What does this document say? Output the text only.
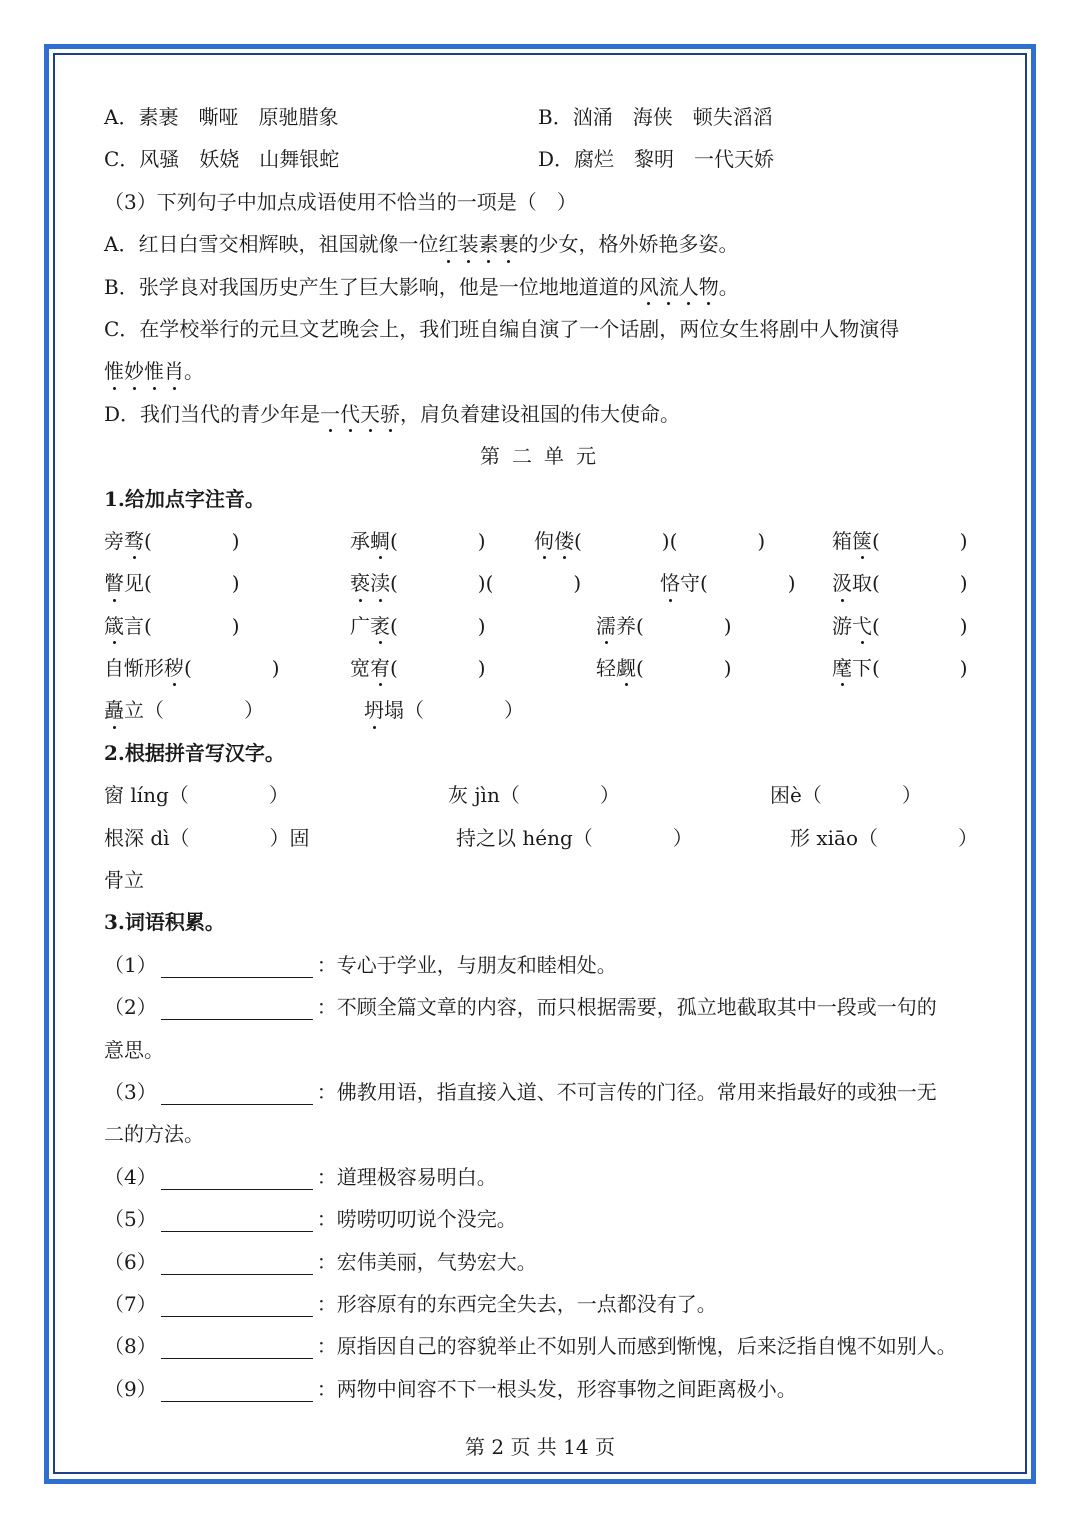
A．素裹　嘶哑　原驰腊象	B．汹涌　海侠　顿失滔滔
C．风骚　妖娆　山舞银蛇	D．腐烂　黎明　一代天娇
（3）下列句子中加点成语使用不恰当的一项是（　）
A．红日白雪交相辉映，祖国就像一位红装素裹的少女，格外娇艳多姿。
B．张学良对我国历史产生了巨大影响，他是一位地地道道的风流人物。
C．在学校举行的元旦文艺晚会上，我们班自编自演了一个话剧，两位女生将剧中人物演得
惟妙惟肖。
D．我们当代的青少年是一代天骄，肩负着建设祖国的伟大使命。
第二单元
1.给加点字注音。
旁骛(　　　　)	承蜩(　　　　) 佝偻(　　　　)(　　　　)	箱箧(　　　　)
瞥见(　　　　)	亵渎(　　　　)(　　　　)	恪守(　　　　) 汲取(　　　　)
箴言(　　　　)	广袤(　　　　)	濡养(　　　　)	游弋(　　　　)
自惭形秽(　　　　)	宽宥(　　　　)	轻觑(　　　　)	麾下(　　　　)
矗立（　　　　）	坍塌（　　　　）
2.根据拼音写汉字。
窗 líng（　　　　）	灰 jìn（　　　　）	困è（　　　　）
根深 dì（　　　　）固	持之以 héng（　　　　）	形 xiāo（　　　　）
骨立
3.词语积累。
（1）	：专心于学业，与朋友和睦相处。
（2）	：不顾全篇文章的内容，而只根据需要，孤立地截取其中一段或一句的
意思。
（3）	：佛教用语，指直接入道、不可言传的门径。常用来指最好的或独一无
二的方法。
（4）	：道理极容易明白。
（5）	：唠唠叨叨说个没完。
（6）	：宏伟美丽，气势宏大。
（7）	：形容原有的东西完全失去，一点都没有了。
（8）	：原指因自己的容貌举止不如别人而感到惭愧，后来泛指自愧不如别人。
（9）	：两物中间容不下一根头发，形容事物之间距离极小。
第 2 页 共 14 页
